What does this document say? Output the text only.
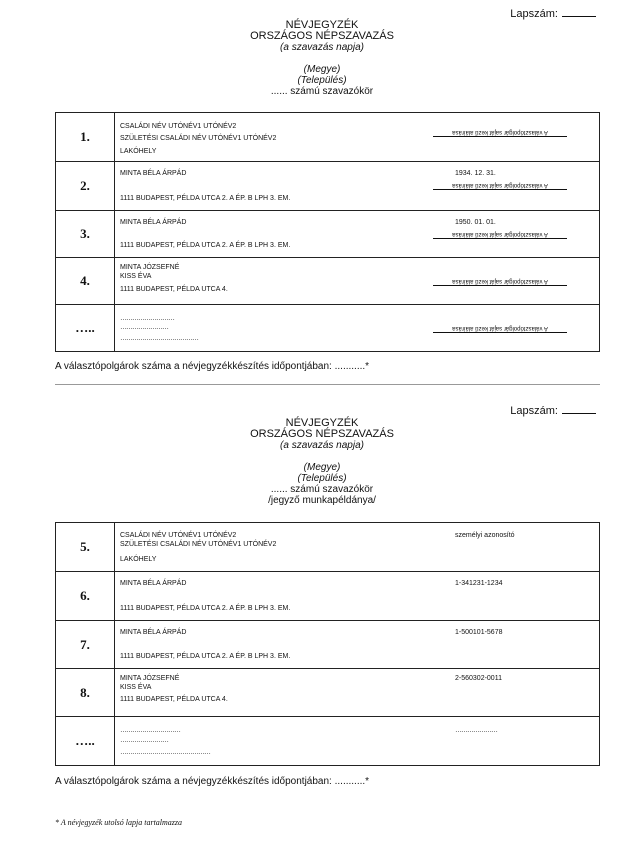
Lapszám:
NÉVJEGYZÉK
ORSZÁGOS NÉPSZAVAZÁS
(a szavazás napja)
(Megye)
(Település)
...... számú szavazókör
1.	CSALÁDI NÉV UTÓNÉV1 UTÓNÉV2
SZÜLETÉSI CSALÁDI NÉV UTÓNÉV1 UTÓNÉV2
LAKÓHELY
A választópolgár saját kezű aláírása

2.	MINTA BÉLA ÁRPÁD
1111 BUDAPEST, PÉLDA UTCA 2. A ÉP. B LPH 3. EM.
1934. 12. 31.
A választópolgár saját kezű aláírása

3.	MINTA BÉLA ÁRPÁD
1111 BUDAPEST, PÉLDA UTCA 2. A ÉP. B LPH 3. EM.
1950. 01. 01.
A választópolgár saját kezű aláírása

4.	MINTA JÓZSEFNÉ
KISS ÉVA
1111 BUDAPEST, PÉLDA UTCA 4.
A választópolgár saját kezű aláírása

…..	………………………
……………………
…………………………………
A választópolgár saját kezű aláírása
A választópolgárok száma a névjegyzékkészítés időpontjában: ...........*
Lapszám:
NÉVJEGYZÉK
ORSZÁGOS NÉPSZAVAZÁS
(a szavazás napja)
(Megye)
(Település)
...... számú szavazókör
/jegyző munkapéldánya/
5.	CSALÁDI NÉV UTÓNÉV1 UTÓNÉV2
SZÜLETÉSI CSALÁDI NÉV UTÓNÉV1 UTÓNÉV2
LAKÓHELY
személyi azonosító

6.	MINTA BÉLA ÁRPÁD
1111 BUDAPEST, PÉLDA UTCA 2. A ÉP. B LPH 3. EM.
1-341231-1234

7.	MINTA BÉLA ÁRPÁD
1111 BUDAPEST, PÉLDA UTCA 2. A ÉP. B LPH 3. EM.
1-500101-5678

8.	MINTA JÓZSEFNÉ
KISS ÉVA
1111 BUDAPEST, PÉLDA UTCA 4.
2-560302-0011

…..	…………………………
……………………
………………………………………
…………………
A választópolgárok száma a névjegyzékkészítés időpontjában: ...........*
* A névjegyzék utolsó lapja tartalmazza
